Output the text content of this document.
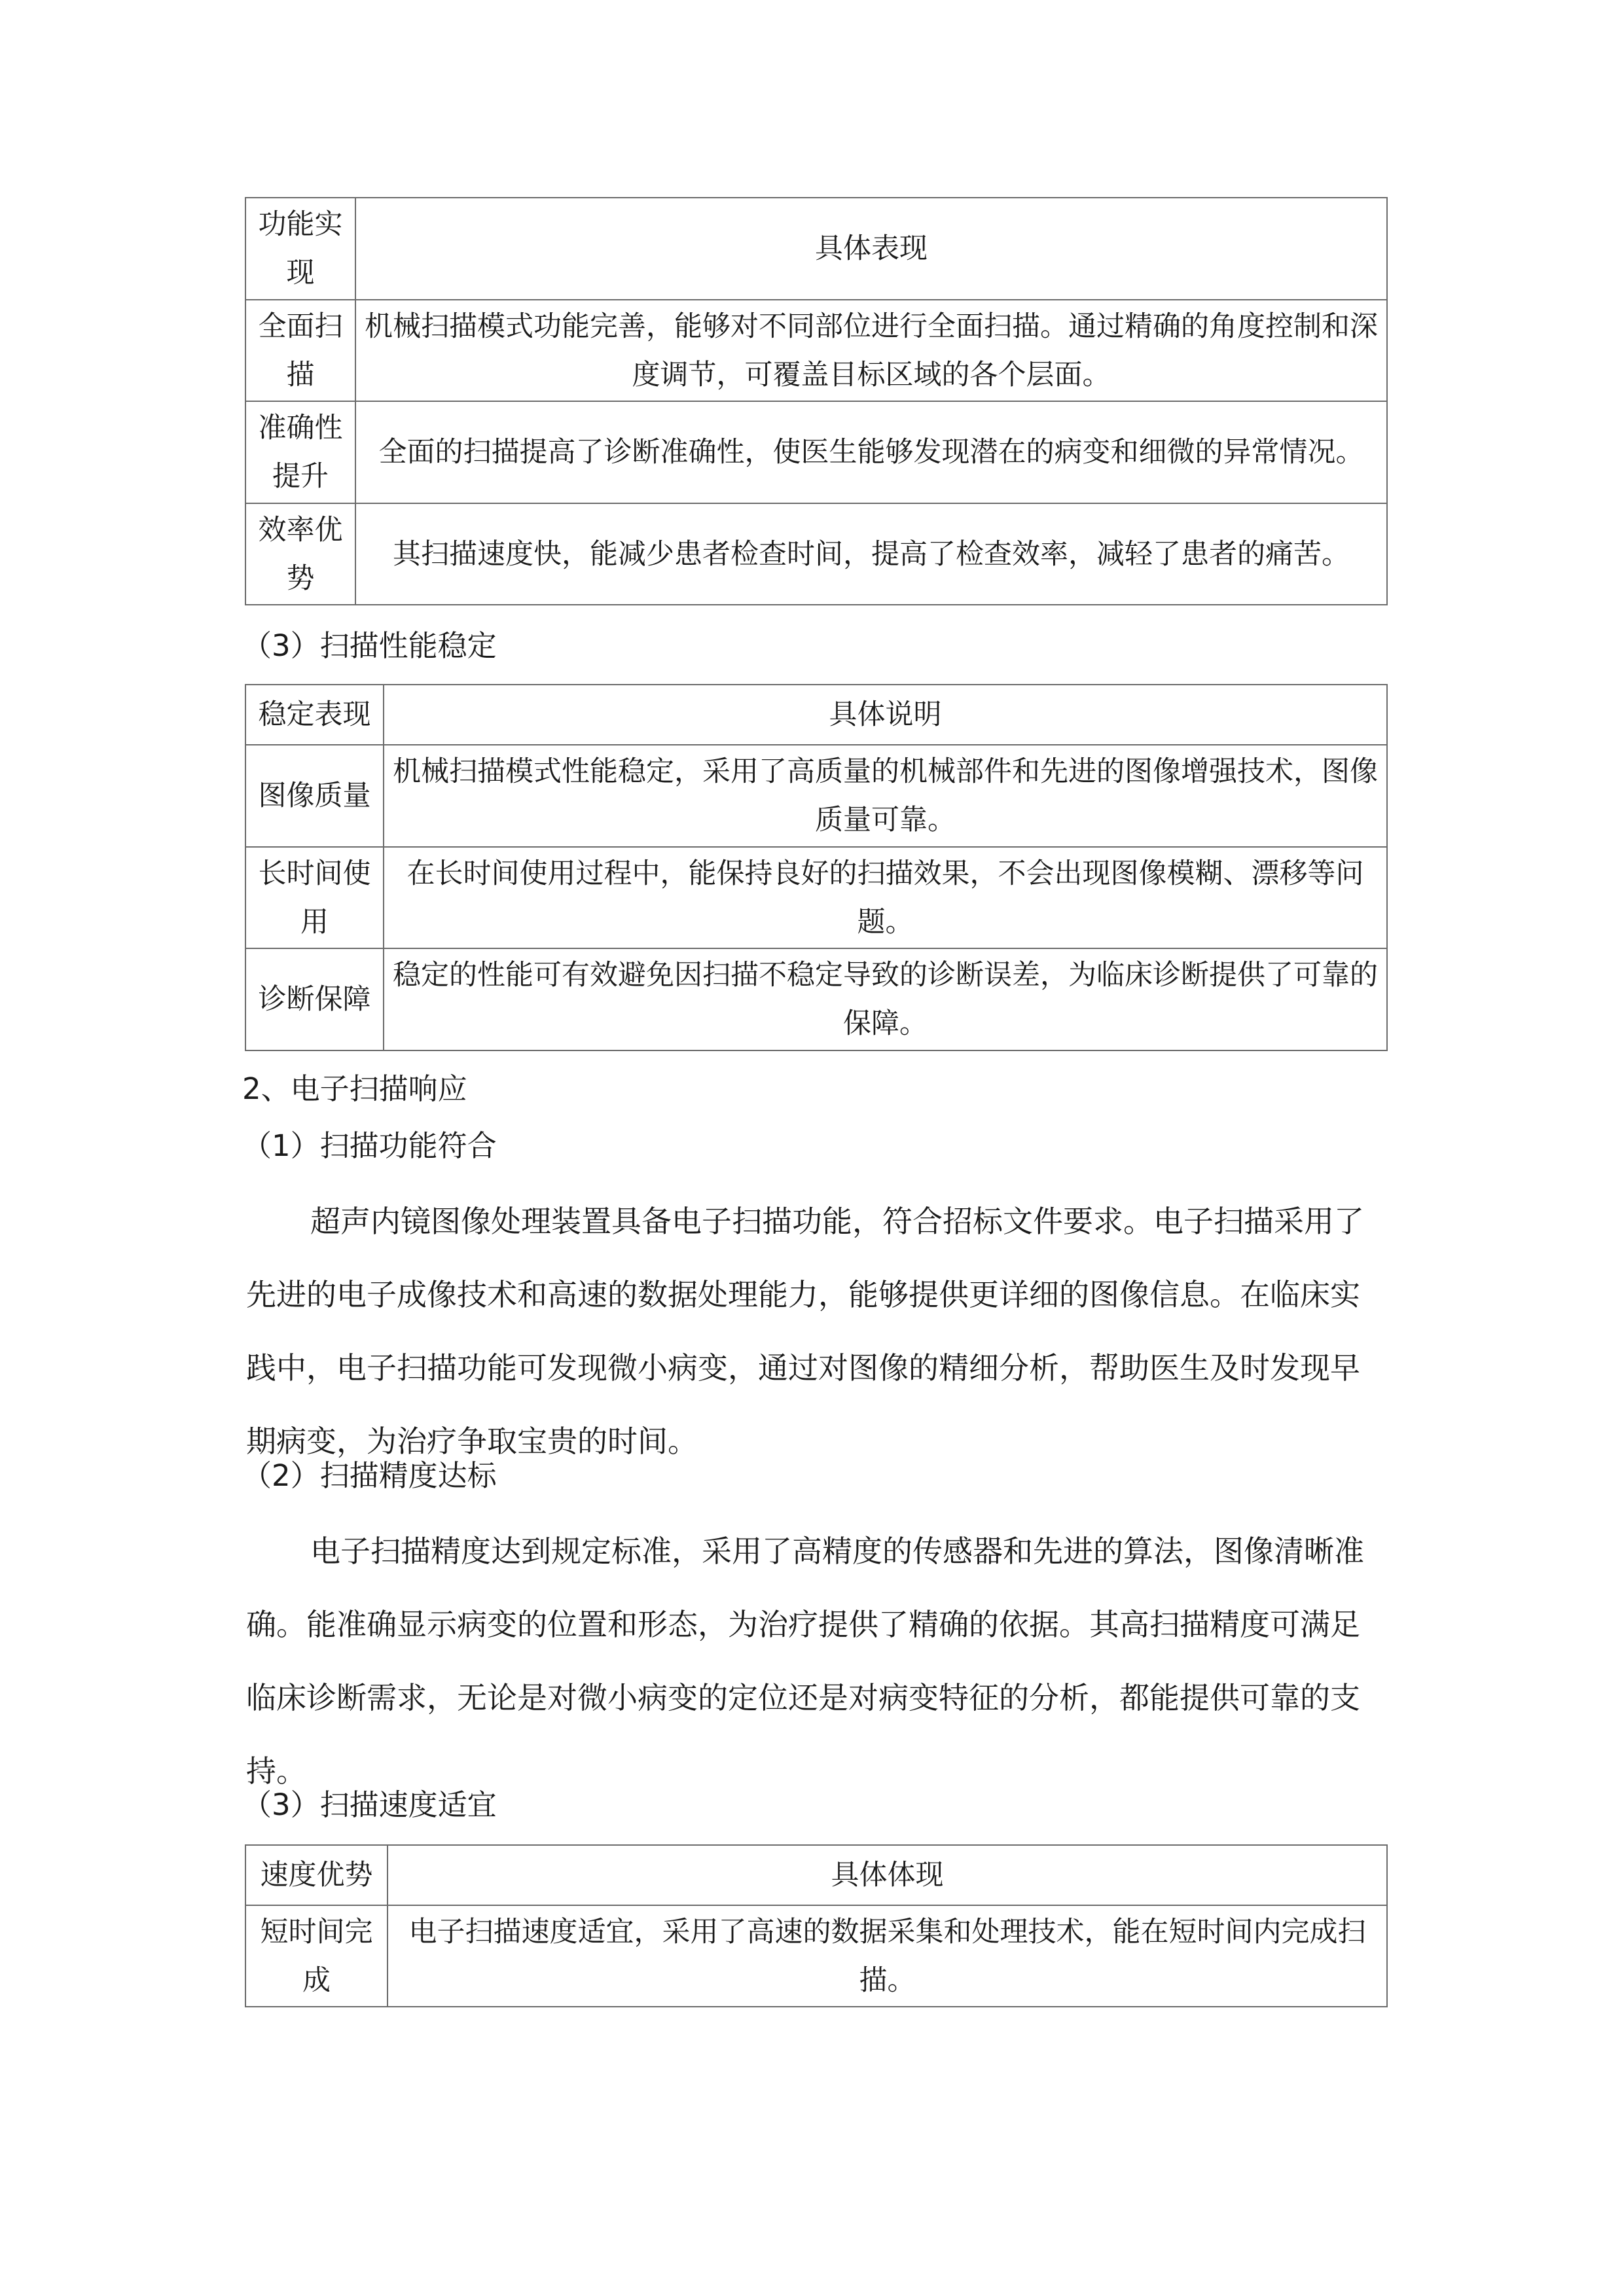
功能实
现	具体表现
全面扫
描	机械扫描模式功能完善，能够对不同部位进行全面扫描。通过精确的角度控制和深度调节，可覆盖目标区域的各个层面。
准确性
提升	全面的扫描提高了诊断准确性，使医生能够发现潜在的病变和细微的异常情况。
效率优
势	其扫描速度快，能减少患者检查时间，提高了检查效率，减轻了患者的痛苦。
（3）扫描性能稳定
稳定表现	具体说明
图像质量	机械扫描模式性能稳定，采用了高质量的机械部件和先进的图像增强技术，图像质量可靠。
长时间使
用	在长时间使用过程中，能保持良好的扫描效果，不会出现图像模糊、漂移等问题。
诊断保障	稳定的性能可有效避免因扫描不稳定导致的诊断误差，为临床诊断提供了可靠的保障。
2、电子扫描响应
（1）扫描功能符合

超声内镜图像处理装置具备电子扫描功能，符合招标文件要求。电子扫描采用了先进的电子成像技术和高速的数据处理能力，能够提供更详细的图像信息。在临床实践中，电子扫描功能可发现微小病变，通过对图像的精细分析，帮助医生及时发现早期病变，为治疗争取宝贵的时间。

（2）扫描精度达标

电子扫描精度达到规定标准，采用了高精度的传感器和先进的算法，图像清晰准确。能准确显示病变的位置和形态，为治疗提供了精确的依据。其高扫描精度可满足临床诊断需求，无论是对微小病变的定位还是对病变特征的分析，都能提供可靠的支持。

（3）扫描速度适宜
速度优势	具体体现
短时间完
成	电子扫描速度适宜，采用了高速的数据采集和处理技术，能在短时间内完成扫描。
